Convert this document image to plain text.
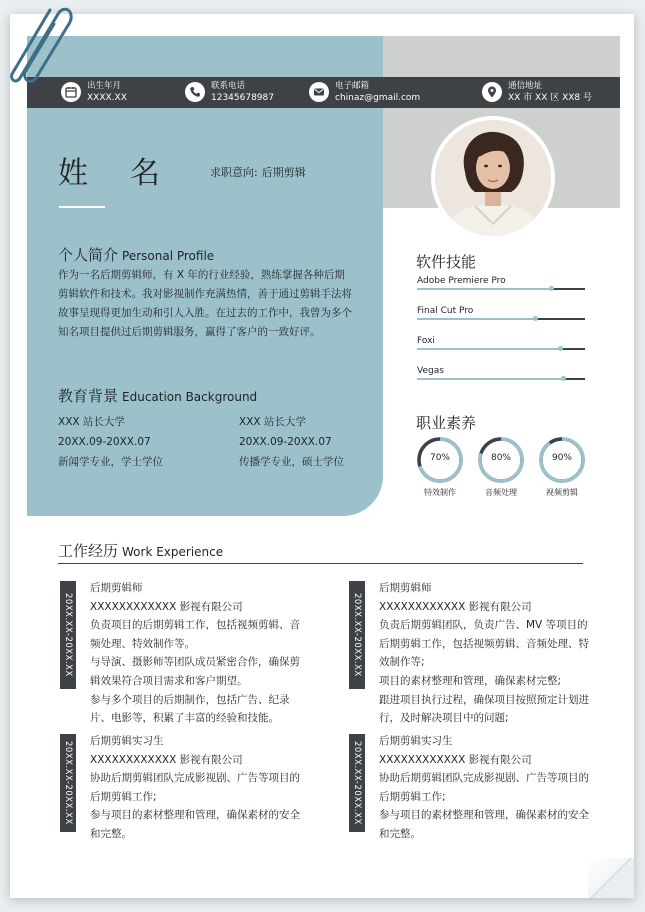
出生年月
XXXX.XX
联系电话
12345678987
电子邮箱
chinaz@gmail.com
通信地址
XX 市 XX 区 XX8 号
姓名 求职意向: 后期剪辑
个人简介 Personal Profile
作为一名后期剪辑师，有 X 年的行业经验，熟练掌握各种后期剪辑软件和技术。我对影视制作充满热情，善于通过剪辑手法将故事呈现得更加生动和引人入胜。在过去的工作中，我曾为多个知名项目提供过后期剪辑服务，赢得了客户的一致好评。
教育背景 Education Background
XXX 站长大学
20XX.09-20XX.07
新闻学专业，学士学位
XXX 站长大学
20XX.09-20XX.07
传播学专业，硕士学位
软件技能
Adobe Premiere Pro
Final Cut Pro
Foxi
Vegas
职业素养
70%
特效制作
80%
音频处理
90%
视频剪辑
工作经历 Work Experience
20XX.XX-20XX.XX
后期剪辑师
XXXXXXXXXXXX 影视有限公司
负责项目的后期剪辑工作，包括视频剪辑、音频处理、特效制作等。
与导演、摄影师等团队成员紧密合作，确保剪辑效果符合项目需求和客户期望。
参与多个项目的后期制作，包括广告、纪录片、电影等，积累了丰富的经验和技能。
20XX.XX-20XX.XX
后期剪辑师
XXXXXXXXXXXX 影视有限公司
负责后期剪辑团队，负责广告、MV 等项目的后期剪辑工作，包括视频剪辑、音频处理、特效制作等;
项目的素材整理和管理，确保素材完整;
跟进项目执行过程，确保项目按照预定计划进行，及时解决项目中的问题;
20XX.XX-20XX.XX
后期剪辑实习生
XXXXXXXXXXXX 影视有限公司
协助后期剪辑团队完成影视剧、广告等项目的后期剪辑工作;
参与项目的素材整理和管理，确保素材的安全和完整。
20XX.XX-20XX.XX
后期剪辑实习生
XXXXXXXXXXXX 影视有限公司
协助后期剪辑团队完成影视剧、广告等项目的后期剪辑工作;
参与项目的素材整理和管理，确保素材的安全和完整。
